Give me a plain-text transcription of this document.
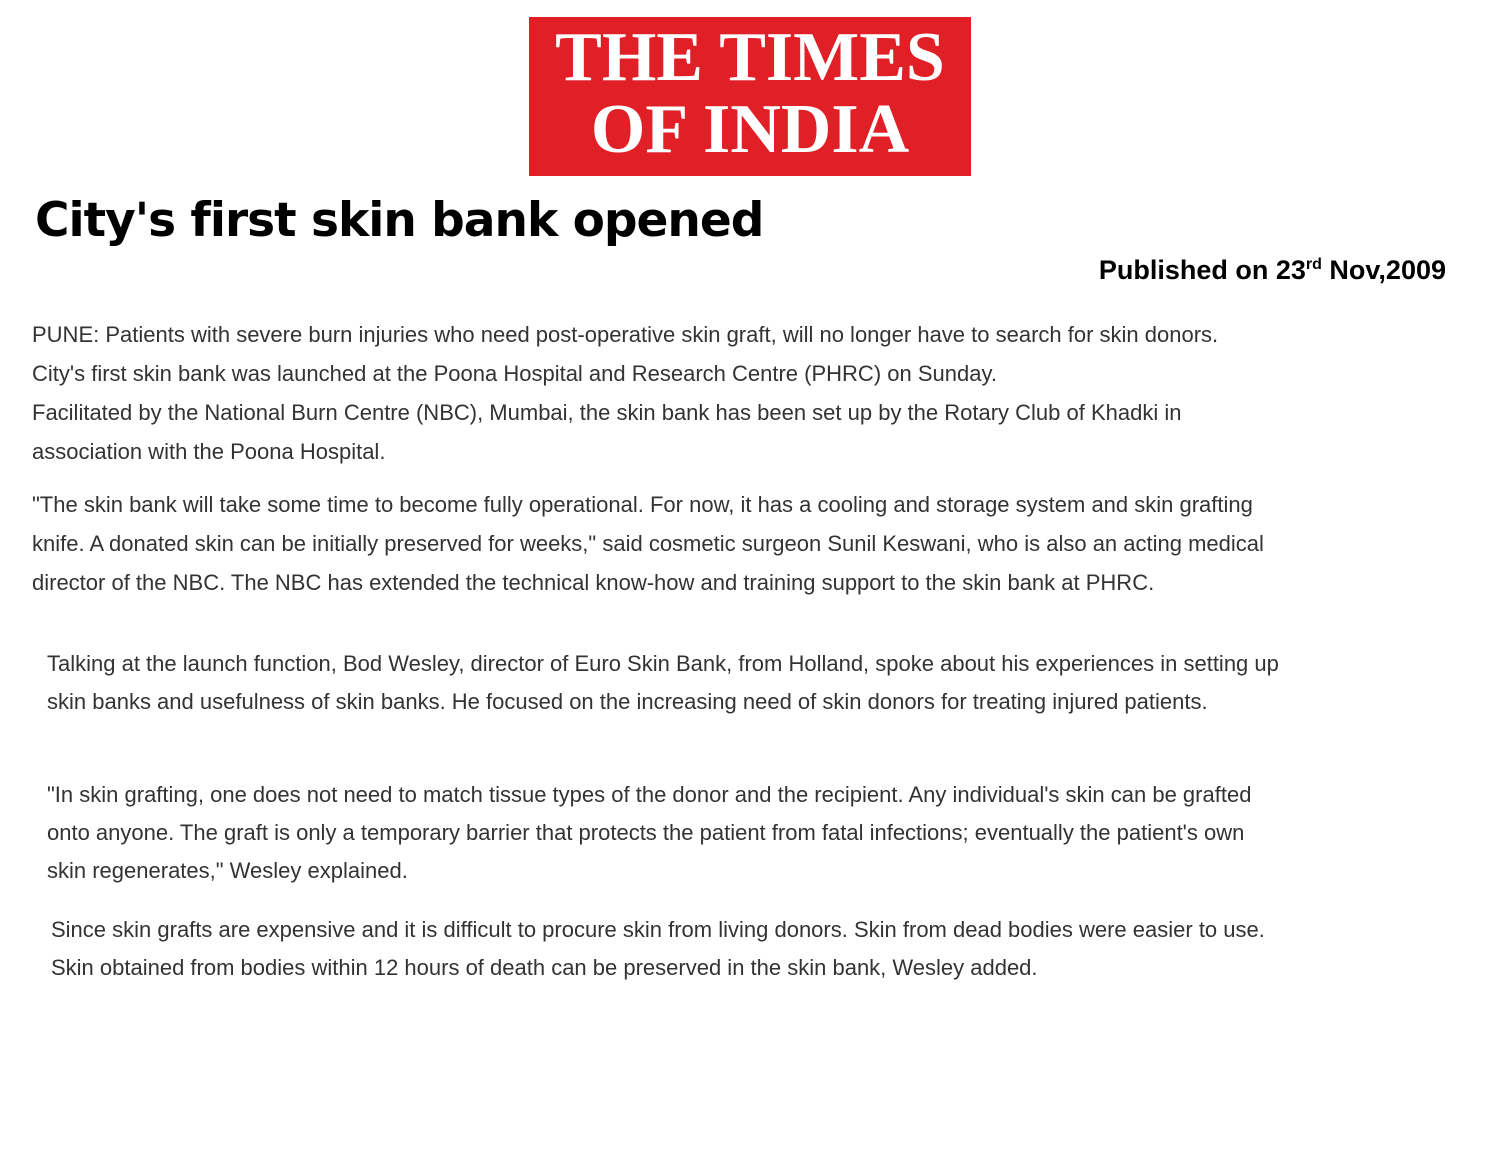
THE TIMES
OF INDIA
City's first skin bank opened
Published on 23rd Nov,2009
PUNE: Patients with severe burn injuries who need post-operative skin graft, will no longer have to search for skin donors.
City's first skin bank was launched at the Poona Hospital and Research Centre (PHRC) on Sunday.
Facilitated by the National Burn Centre (NBC), Mumbai, the skin bank has been set up by the Rotary Club of Khadki in
association with the Poona Hospital.
"The skin bank will take some time to become fully operational. For now, it has a cooling and storage system and skin grafting
knife. A donated skin can be initially preserved for weeks," said cosmetic surgeon Sunil Keswani, who is also an acting medical
director of the NBC. The NBC has extended the technical know-how and training support to the skin bank at PHRC.
Talking at the launch function, Bod Wesley, director of Euro Skin Bank, from Holland, spoke about his experiences in setting up
skin banks and usefulness of skin banks. He focused on the increasing need of skin donors for treating injured patients.
"In skin grafting, one does not need to match tissue types of the donor and the recipient. Any individual's skin can be grafted
onto anyone. The graft is only a temporary barrier that protects the patient from fatal infections; eventually the patient's own
skin regenerates," Wesley explained.
Since skin grafts are expensive and it is difficult to procure skin from living donors. Skin from dead bodies were easier to use.
Skin obtained from bodies within 12 hours of death can be preserved in the skin bank, Wesley added.
